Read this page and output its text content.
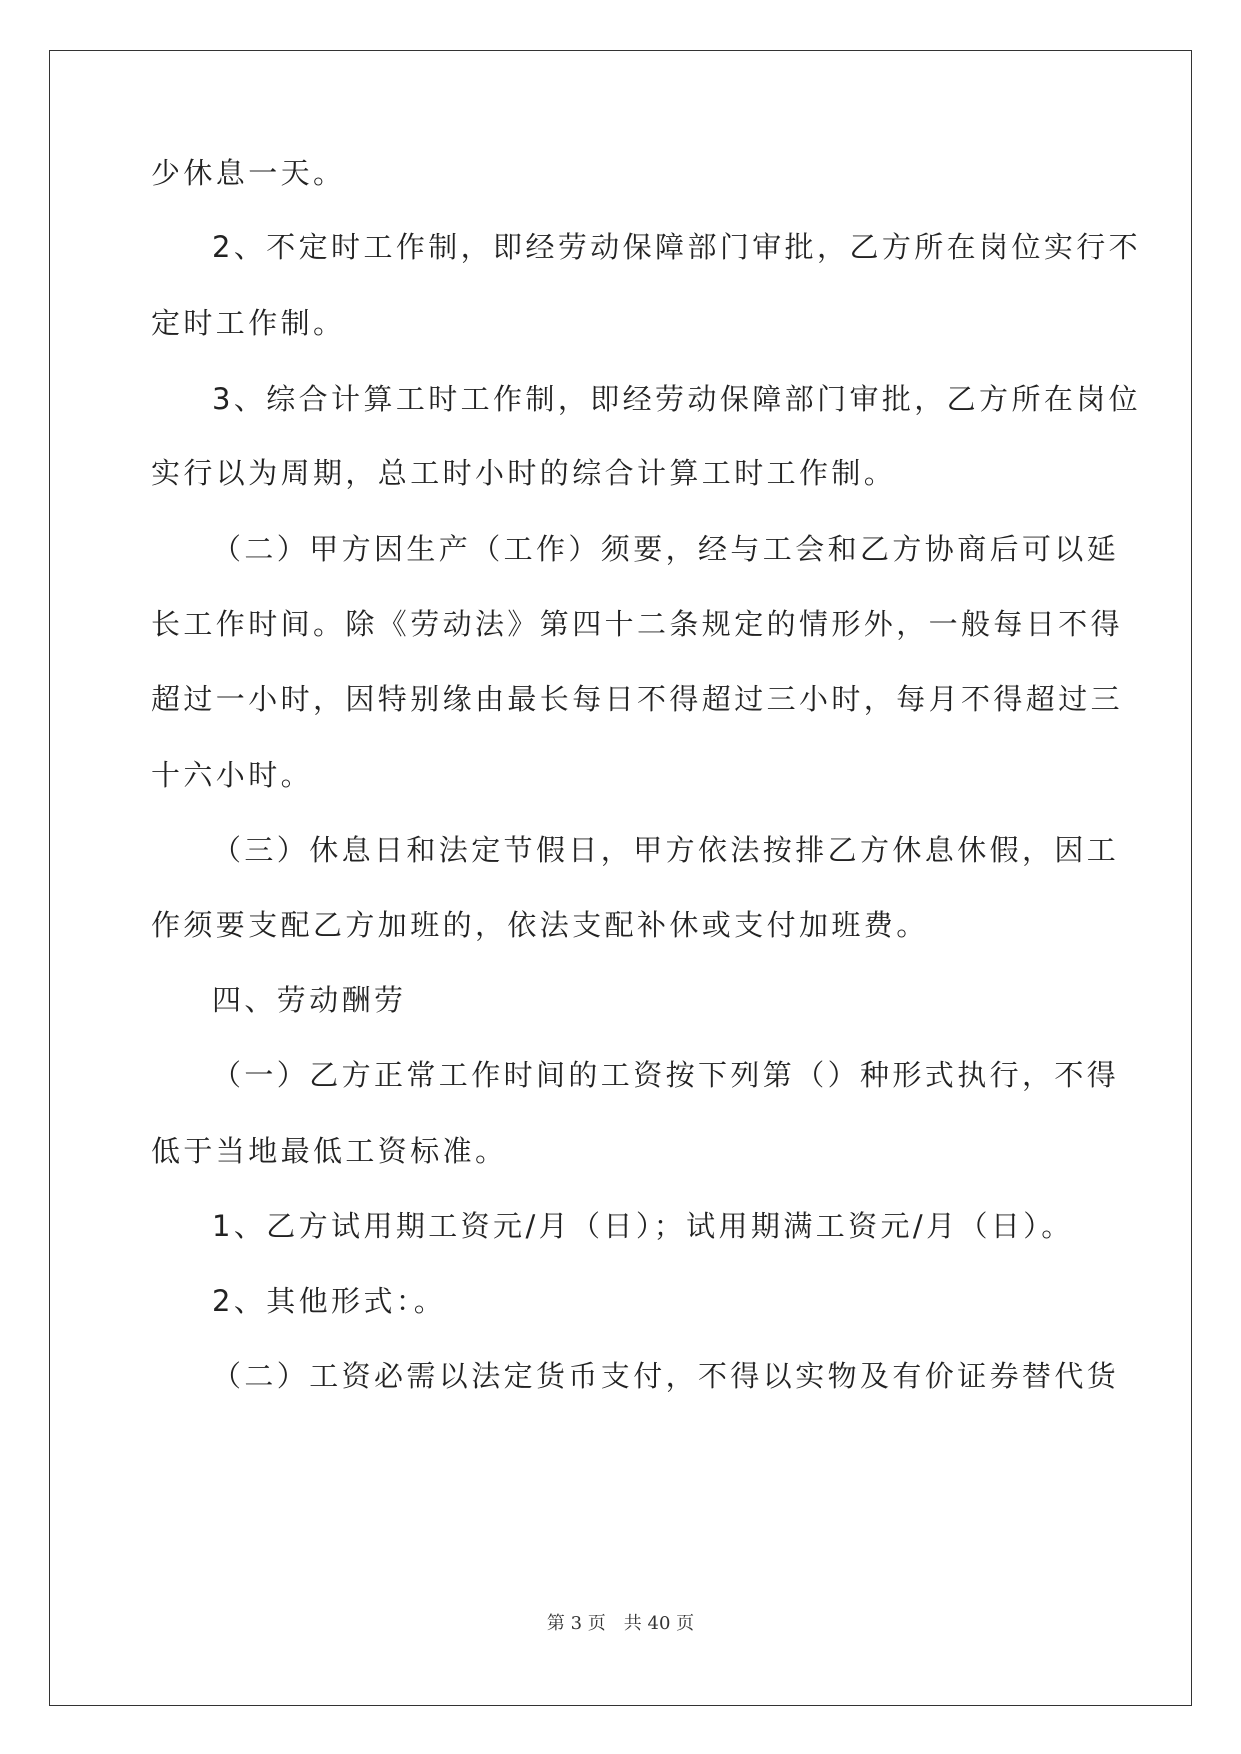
少休息一天。
2、不定时工作制，即经劳动保障部门审批，乙方所在岗位实行不
定时工作制。
3、综合计算工时工作制，即经劳动保障部门审批，乙方所在岗位
实行以为周期，总工时小时的综合计算工时工作制。
（二）甲方因生产（工作）须要，经与工会和乙方协商后可以延
长工作时间。除《劳动法》第四十二条规定的情形外，一般每日不得
超过一小时，因特别缘由最长每日不得超过三小时，每月不得超过三
十六小时。
（三）休息日和法定节假日，甲方依法按排乙方休息休假，因工
作须要支配乙方加班的，依法支配补休或支付加班费。
四、劳动酬劳
（一）乙方正常工作时间的工资按下列第（）种形式执行，不得
低于当地最低工资标准。
1、乙方试用期工资元/月（日）；试用期满工资元/月（日）。
2、其他形式：。
（二）工资必需以法定货币支付，不得以实物及有价证券替代货
第 3 页　共 40 页
